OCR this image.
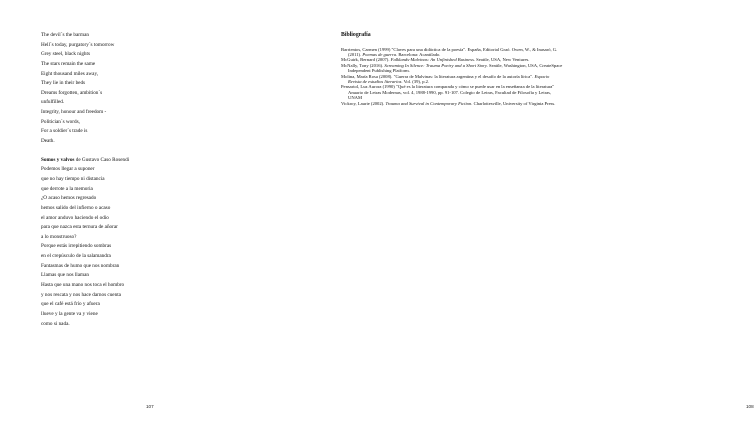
The devil´s the barman
Hell´s today, purgatory´s tomorrow
Grey steel, black nights
The stars remain the same
Eight thousand miles away,
They lie in their beds
Dreams forgotten, ambition´s
unfulfilled.
Integrity, honour and freedom -
Politician´s words,
For a soldier´s trade is
Death.
Somos y valvos de Gustavo Caso Rosendi
Podemos llegar a suponer
que no hay tiempo ni distancia
que derrote a la memoria
¿O acaso hemos regresado
hemos salido del infierno o acaso
el amor anduvo haciendo el odio
para que nazca esta ternura de añorar
a lo monstruoso?
Porque estás irrepitiendo sombras
en el crepúsculo de la salamandra
Fantasmas de humo que nos nombran
Llamas que nos llaman
Hasta que una mano nos toca el hombro
y nos rescata y nos hace darnos cuenta
que el café está frío y afuera
llueve y la gente va y viene
como si nada.
107
Bibliografía

Barrientos, Carmen (1999) "Claves para una didáctica de la poesía". España, Editorial Graó. Owen, W., & Inasaró, G. (2011). Poemas de guerra. Barcelona: Acantilado.

McGuirk, Bernard (2007). Falklands-Malvinas: An Unfinished Business. Seattle, USA, New Ventures.

McNally, Tony (2016). Screaming In Silence: Trauma Poetry and a Short Story. Seattle, Washington, USA, CreateSpace Independent Publishing Platform.

Molina, María Rosa (2008). "Guerra de Malvinas: la literatura argentina y el desafío de la autoría lírica". Espacio Revista de estudios literarios. Vol. (39), p.2.

Pensariol, Luz Aurora (1990) "Qué es la literatura comparada y cómo se puede usar en la enseñanza de la literatura" Anuario de Letras Modernas, vol. 4, 1988-1990, pp. 91-107. Colegio de Letras, Facultad de Filosofía y Letras, UNAM

Vickroy, Laurie (2002). Trauma and Survival in Contemporary Fiction. Charlottesville, University of Virginia Press.

108
